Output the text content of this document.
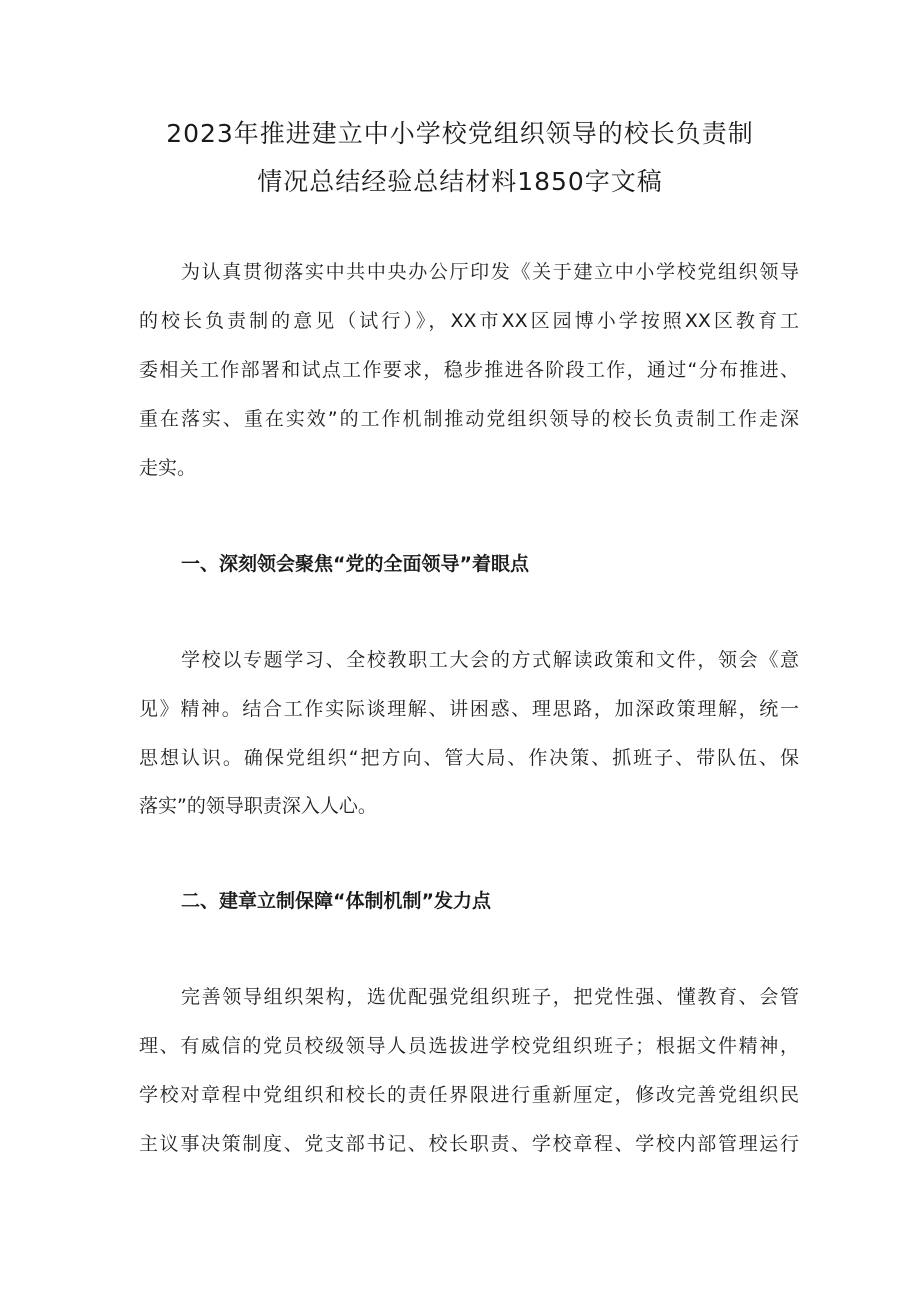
2023年推进建立中小学校党组织领导的校长负责制
情况总结经验总结材料1850字文稿
为认真贯彻落实中共中央办公厅印发《关于建立中小学校党组织领导
的校长负责制的意见（试行）》，XX市XX区园博小学按照XX区教育工
委相关工作部署和试点工作要求，稳步推进各阶段工作，通过“分布推进、
重在落实、重在实效”的工作机制推动党组织领导的校长负责制工作走深
走实。
一、深刻领会聚焦“党的全面领导”着眼点
学校以专题学习、全校教职工大会的方式解读政策和文件，领会《意
见》精神。结合工作实际谈理解、讲困惑、理思路，加深政策理解，统一
思想认识。确保党组织“把方向、管大局、作决策、抓班子、带队伍、保
落实”的领导职责深入人心。
二、建章立制保障“体制机制”发力点
完善领导组织架构，选优配强党组织班子，把党性强、懂教育、会管
理、有威信的党员校级领导人员选拔进学校党组织班子；根据文件精神，
学校对章程中党组织和校长的责任界限进行重新厘定，修改完善党组织民
主议事决策制度、党支部书记、校长职责、学校章程、学校内部管理运行
